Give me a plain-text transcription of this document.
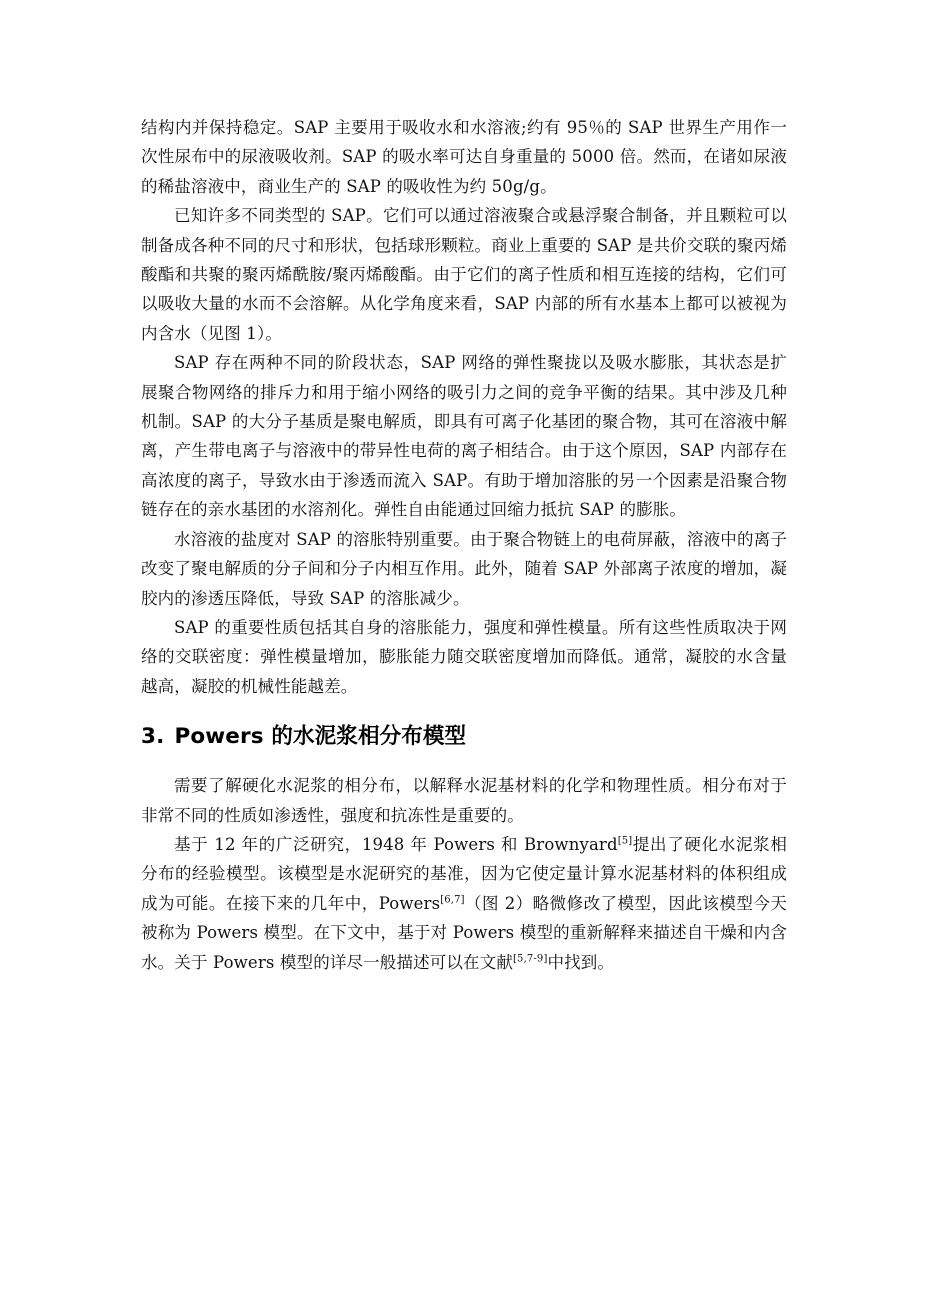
结构内并保持稳定。SAP 主要用于吸收水和水溶液;约有 95％的 SAP 世界生产用作一次性尿布中的尿液吸收剂。SAP 的吸水率可达自身重量的 5000 倍。然而，在诸如尿液的稀盐溶液中，商业生产的 SAP 的吸收性为约 50g/g。

已知许多不同类型的 SAP。它们可以通过溶液聚合或悬浮聚合制备，并且颗粒可以制备成各种不同的尺寸和形状，包括球形颗粒。商业上重要的 SAP 是共价交联的聚丙烯酸酯和共聚的聚丙烯酰胺/聚丙烯酸酯。由于它们的离子性质和相互连接的结构，它们可以吸收大量的水而不会溶解。从化学角度来看，SAP 内部的所有水基本上都可以被视为内含水（见图 1）。

SAP 存在两种不同的阶段状态，SAP 网络的弹性聚拢以及吸水膨胀，其状态是扩展聚合物网络的排斥力和用于缩小网络的吸引力之间的竞争平衡的结果。其中涉及几种机制。SAP 的大分子基质是聚电解质，即具有可离子化基团的聚合物，其可在溶液中解离，产生带电离子与溶液中的带异性电荷的离子相结合。由于这个原因，SAP 内部存在高浓度的离子，导致水由于渗透而流入 SAP。有助于增加溶胀的另一个因素是沿聚合物链存在的亲水基团的水溶剂化。弹性自由能通过回缩力抵抗 SAP 的膨胀。

水溶液的盐度对 SAP 的溶胀特别重要。由于聚合物链上的电荷屏蔽，溶液中的离子改变了聚电解质的分子间和分子内相互作用。此外，随着 SAP 外部离子浓度的增加，凝胶内的渗透压降低，导致 SAP 的溶胀减少。

SAP 的重要性质包括其自身的溶胀能力，强度和弹性模量。所有这些性质取决于网络的交联密度：弹性模量增加，膨胀能力随交联密度增加而降低。通常，凝胶的水含量越高，凝胶的机械性能越差。

3. Powers 的水泥浆相分布模型

需要了解硬化水泥浆的相分布，以解释水泥基材料的化学和物理性质。相分布对于非常不同的性质如渗透性，强度和抗冻性是重要的。

基于 12 年的广泛研究，1948 年 Powers 和 Brownyard[5]提出了硬化水泥浆相分布的经验模型。该模型是水泥研究的基准，因为它使定量计算水泥基材料的体积组成成为可能。在接下来的几年中，Powers[6,7]（图 2）略微修改了模型，因此该模型今天被称为 Powers 模型。在下文中，基于对 Powers 模型的重新解释来描述自干燥和内含水。关于 Powers 模型的详尽一般描述可以在文献[5,7-9]中找到。
